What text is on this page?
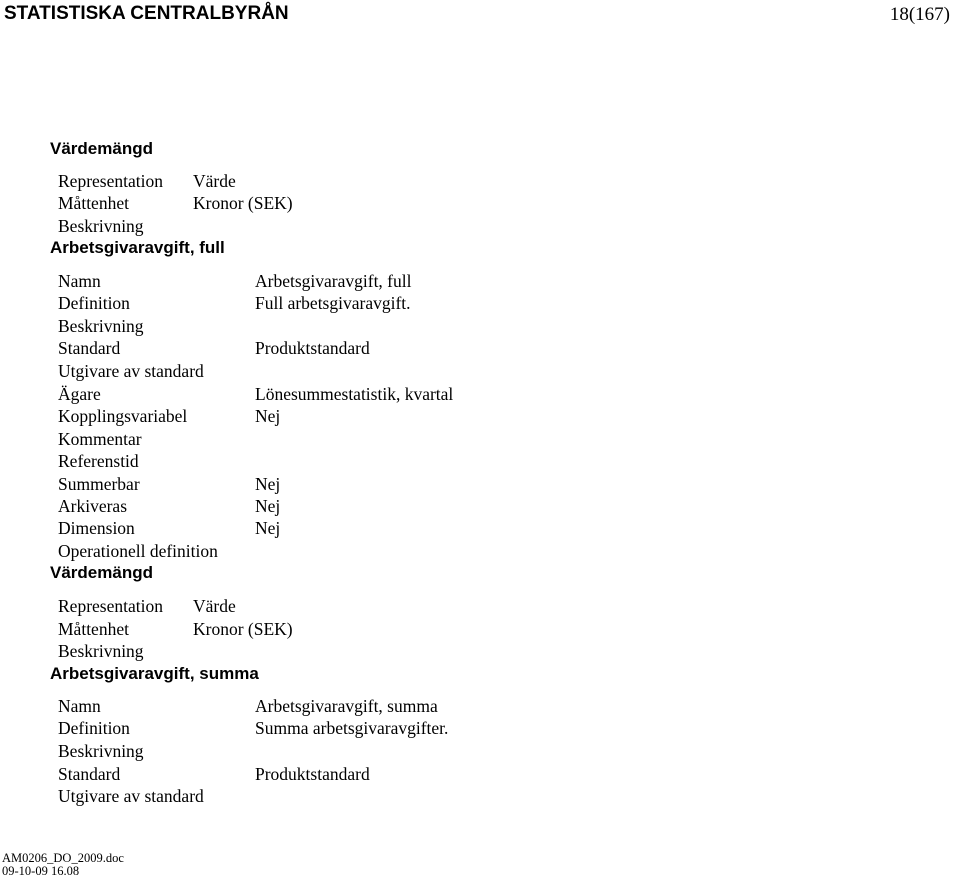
STATISTISKA CENTRALBYRÅN	18(167)
Värdemängd
Representation Värde
Måttenhet	Kronor (SEK)
Beskrivning
Arbetsgivaravgift, full
Namn	Arbetsgivaravgift, full
Definition	Full arbetsgivaravgift.
Beskrivning
Standard	Produktstandard
Utgivare av standard
Ägare	Lönesummestatistik, kvartal
Kopplingsvariabel	Nej
Kommentar
Referenstid
Summerbar	Nej
Arkiveras	Nej
Dimension	Nej
Operationell definition
Värdemängd
Representation Värde
Måttenhet	Kronor (SEK)
Beskrivning
Arbetsgivaravgift, summa
Namn	Arbetsgivaravgift, summa
Definition	Summa arbetsgivaravgifter.
Beskrivning
Standard	Produktstandard
Utgivare av standard
AM0206_DO_2009.doc
09-10-09 16.08
